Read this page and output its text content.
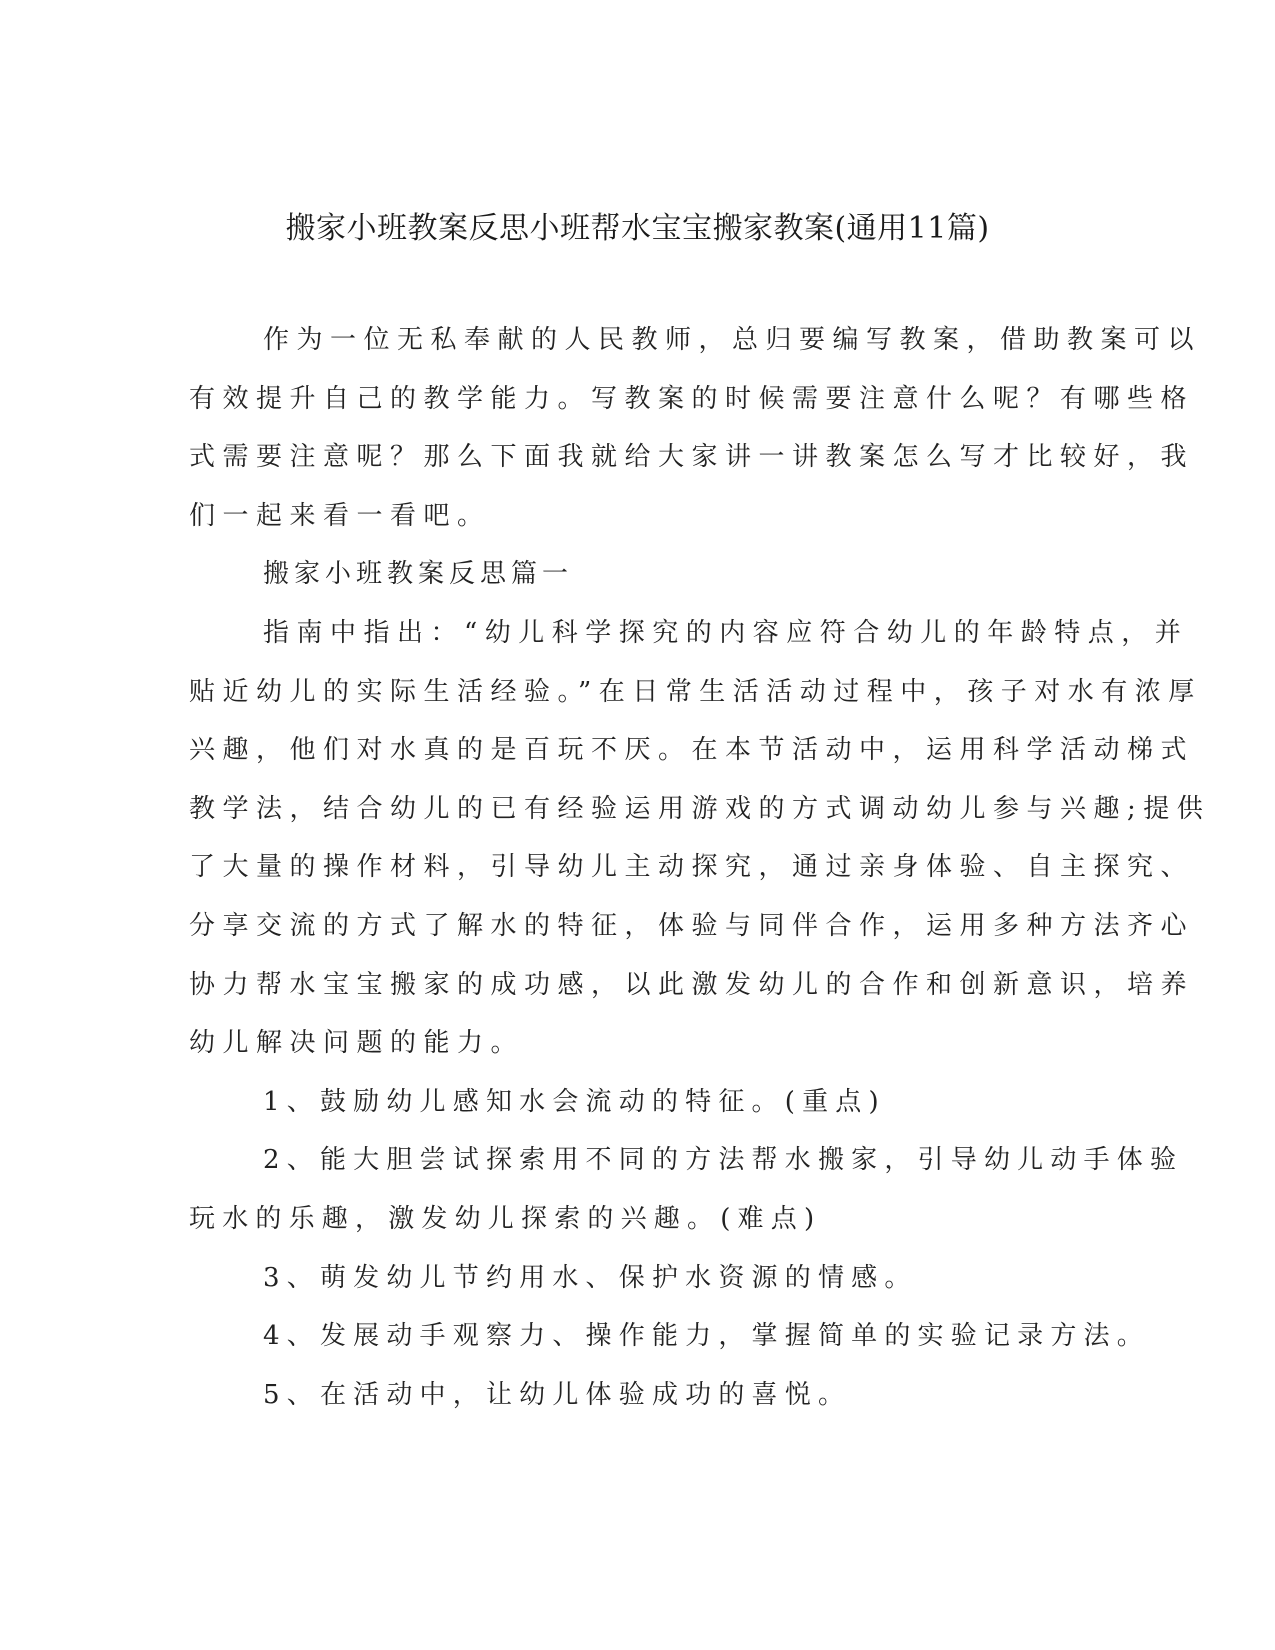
搬家小班教案反思小班帮水宝宝搬家教案(通用11篇)
作为一位无私奉献的人民教师，总归要编写教案，借助教案可以
有效提升自己的教学能力。写教案的时候需要注意什么呢？有哪些格
式需要注意呢？那么下面我就给大家讲一讲教案怎么写才比较好，我
们一起来看一看吧。
搬家小班教案反思篇一
指南中指出：“幼儿科学探究的内容应符合幼儿的年龄特点，并
贴近幼儿的实际生活经验。”在日常生活活动过程中，孩子对水有浓厚
兴趣，他们对水真的是百玩不厌。在本节活动中，运用科学活动梯式
教学法，结合幼儿的已有经验运用游戏的方式调动幼儿参与兴趣;提供
了大量的操作材料，引导幼儿主动探究，通过亲身体验、自主探究、
分享交流的方式了解水的特征，体验与同伴合作，运用多种方法齐心
协力帮水宝宝搬家的成功感，以此激发幼儿的合作和创新意识，培养
幼儿解决问题的能力。
1、鼓励幼儿感知水会流动的特征。(重点)
2、能大胆尝试探索用不同的方法帮水搬家，引导幼儿动手体验
玩水的乐趣，激发幼儿探索的兴趣。(难点)
3、萌发幼儿节约用水、保护水资源的情感。
4、发展动手观察力、操作能力，掌握简单的实验记录方法。
5、在活动中，让幼儿体验成功的喜悦。
